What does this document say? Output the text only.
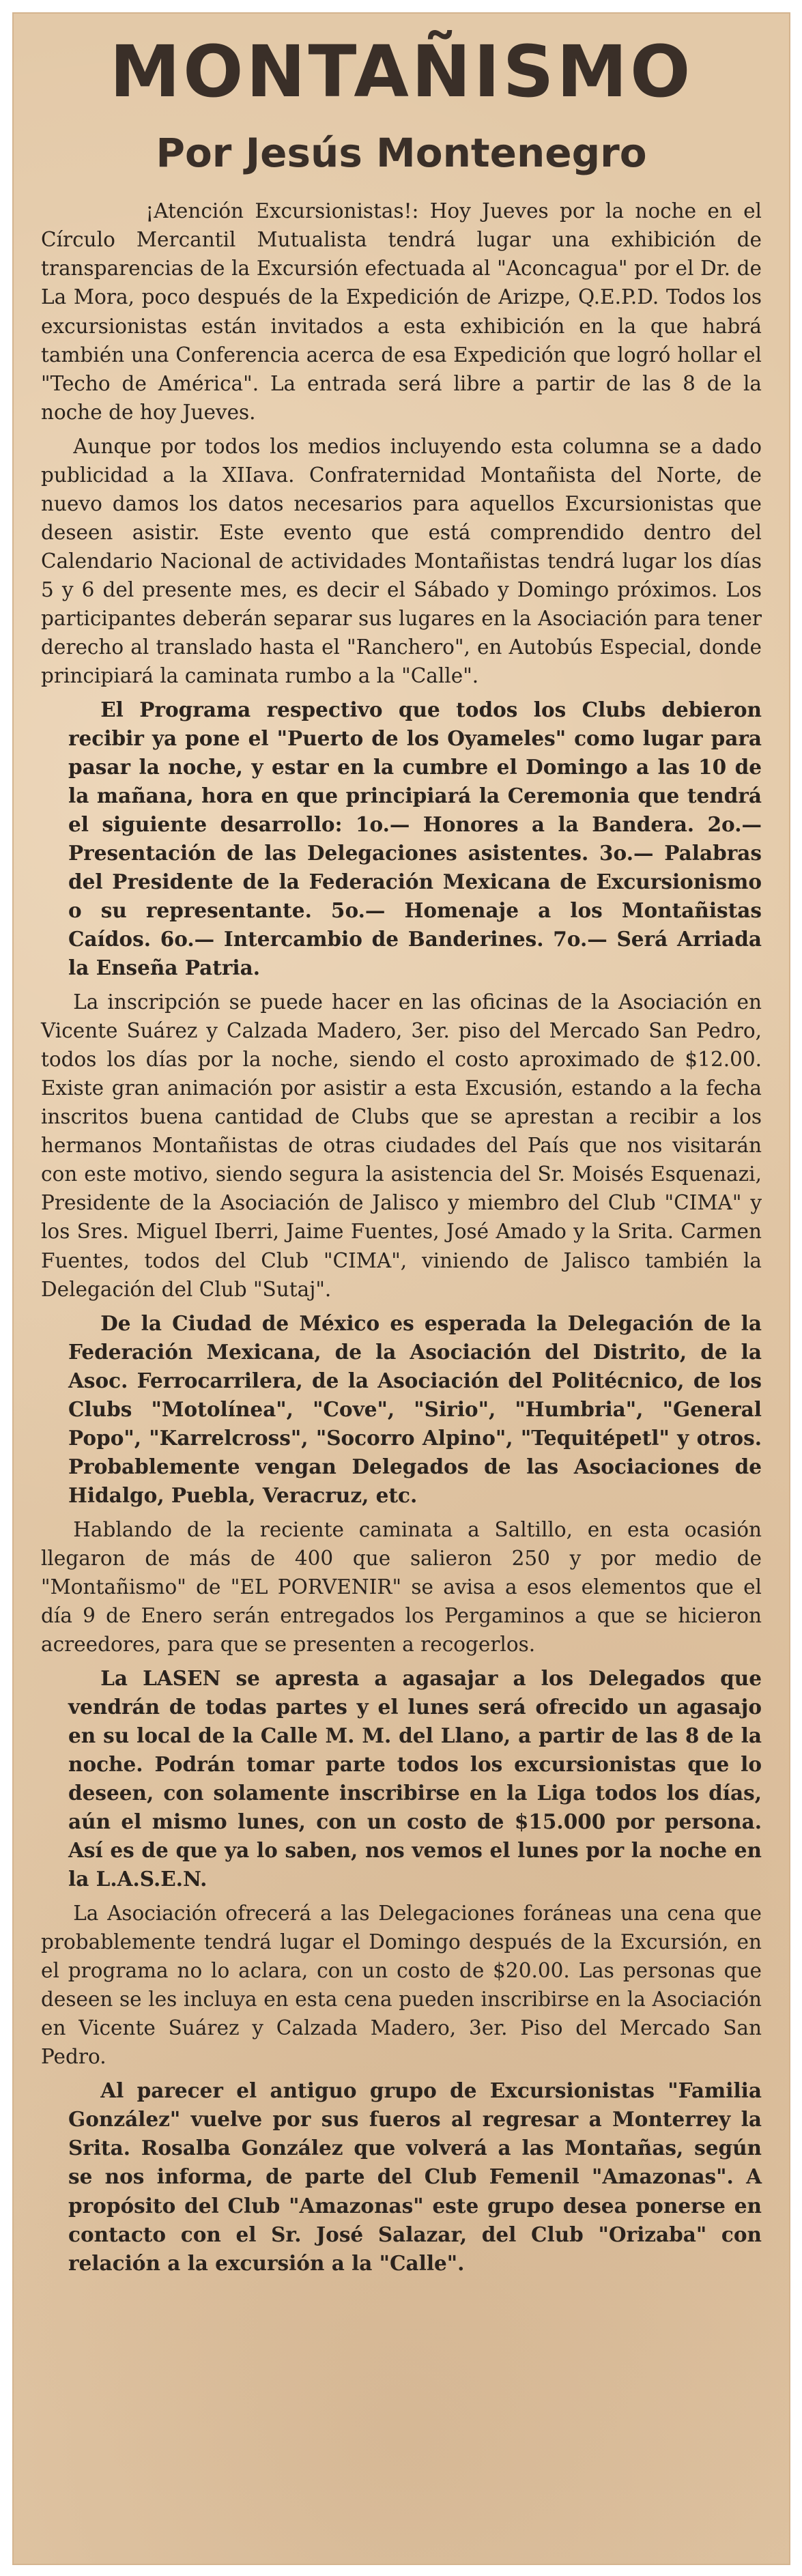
MONTAÑISMO
Por Jesús Montenegro

¡Atención Excursionistas!: Hoy Jueves por la noche en el Círculo Mercantil Mutualista tendrá lugar una exhibición de transparencias de la Excursión efectuada al "Aconcagua" por el Dr. de La Mora, poco después de la Expedición de Arizpe, Q.E.P.D. Todos los excursionistas están invitados a esta exhibición en la que habrá también una Conferencia acerca de esa Expedición que logró hollar el "Techo de América". La entrada será libre a partir de las 8 de la noche de hoy Jueves.

Aunque por todos los medios incluyendo esta columna se a dado publicidad a la XIIava. Confraternidad Montañista del Norte, de nuevo damos los datos necesarios para aquellos Excursionistas que deseen asistir. Este evento que está comprendido dentro del Calendario Nacional de actividades Montañistas tendrá lugar los días 5 y 6 del presente mes, es decir el Sábado y Domingo próximos. Los participantes deberán separar sus lugares en la Asociación para tener derecho al translado hasta el "Ranchero", en Autobús Especial, donde principiará la caminata rumbo a la "Calle".

El Programa respectivo que todos los Clubs debieron recibir ya pone el "Puerto de los Oyameles" como lugar para pasar la noche, y estar en la cumbre el Domingo a las 10 de la mañana, hora en que principiará la Ceremonia que tendrá el siguiente desarrollo: 1o.— Honores a la Bandera. 2o.— Presentación de las Delegaciones asistentes. 3o.— Palabras del Presidente de la Federación Mexicana de Excursionismo o su representante. 5o.— Homenaje a los Montañistas Caídos. 6o.— Intercambio de Banderines. 7o.— Será Arriada la Enseña Patria.

La inscripción se puede hacer en las oficinas de la Asociación en Vicente Suárez y Calzada Madero, 3er. piso del Mercado San Pedro, todos los días por la noche, siendo el costo aproximado de $12.00. Existe gran animación por asistir a esta Excusión, estando a la fecha inscritos buena cantidad de Clubs que se aprestan a recibir a los hermanos Montañistas de otras ciudades del País que nos visitarán con este motivo, siendo segura la asistencia del Sr. Moisés Esquenazi, Presidente de la Asociación de Jalisco y miembro del Club "CIMA" y los Sres. Miguel Iberri, Jaime Fuentes, José Amado y la Srita. Carmen Fuentes, todos del Club "CIMA", viniendo de Jalisco también la Delegación del Club "Sutaj".

De la Ciudad de México es esperada la Delegación de la Federación Mexicana, de la Asociación del Distrito, de la Asoc. Ferrocarrilera, de la Asociación del Politécnico, de los Clubs "Motolínea", "Cove", "Sirio", "Humbria", "General Popo", "Karrelcross", "Socorro Alpino", "Tequitépetl" y otros. Probablemente vengan Delegados de las Asociaciones de Hidalgo, Puebla, Veracruz, etc.

Hablando de la reciente caminata a Saltillo, en esta ocasión llegaron de más de 400 que salieron 250 y por medio de "Montañismo" de "EL PORVENIR" se avisa a esos elementos que el día 9 de Enero serán entregados los Pergaminos a que se hicieron acreedores, para que se presenten a recogerlos.

La LASEN se apresta a agasajar a los Delegados que vendrán de todas partes y el lunes será ofrecido un agasajo en su local de la Calle M. M. del Llano, a partir de las 8 de la noche. Podrán tomar parte todos los excursionistas que lo deseen, con solamente inscribirse en la Liga todos los días, aún el mismo lunes, con un costo de $15.000 por persona. Así es de que ya lo saben, nos vemos el lunes por la noche en la L.A.S.E.N.

La Asociación ofrecerá a las Delegaciones foráneas una cena que probablemente tendrá lugar el Domingo después de la Excursión, en el programa no lo aclara, con un costo de $20.00. Las personas que deseen se les incluya en esta cena pueden inscribirse en la Asociación en Vicente Suárez y Calzada Madero, 3er. Piso del Mercado San Pedro.

Al parecer el antiguo grupo de Excursionistas "Familia González" vuelve por sus fueros al regresar a Monterrey la Srita. Rosalba González que volverá a las Montañas, según se nos informa, de parte del Club Femenil "Amazonas". A propósito del Club "Amazonas" este grupo desea ponerse en contacto con el Sr. José Salazar, del Club "Orizaba" con relación a la excursión a la "Calle".
